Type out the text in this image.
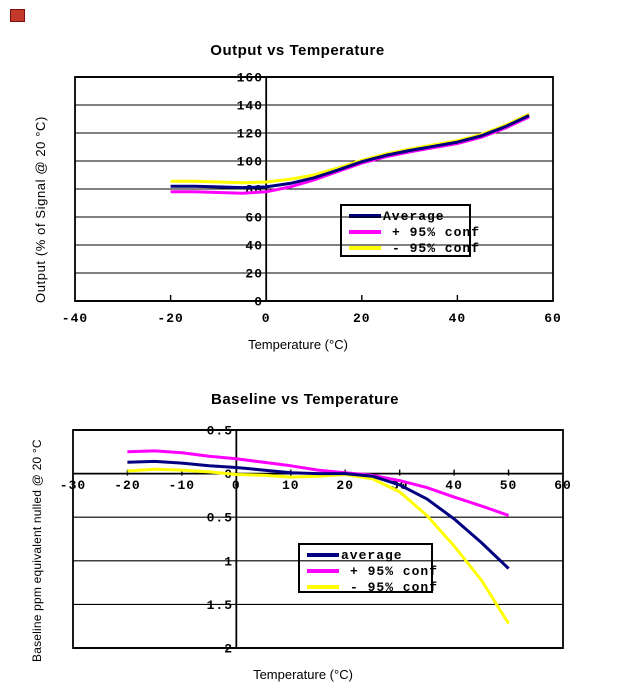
Output vs Temperature
Output (% of Signal @ 20 °C)
Temperature (°C)
Average
+ 95% conf
- 95% conf
Baseline vs Temperature
Baseline ppm equivalent nulled @ 20 °C
Temperature (°C)
average
+ 95% conf
- 95% conf
160
140
120
100
80
60
40
20
0
-40	-20	0	20	40	60
0.5
0
0.5
1
1.5
2
-30 -20 -10	0	10	20	30	40	50	60
